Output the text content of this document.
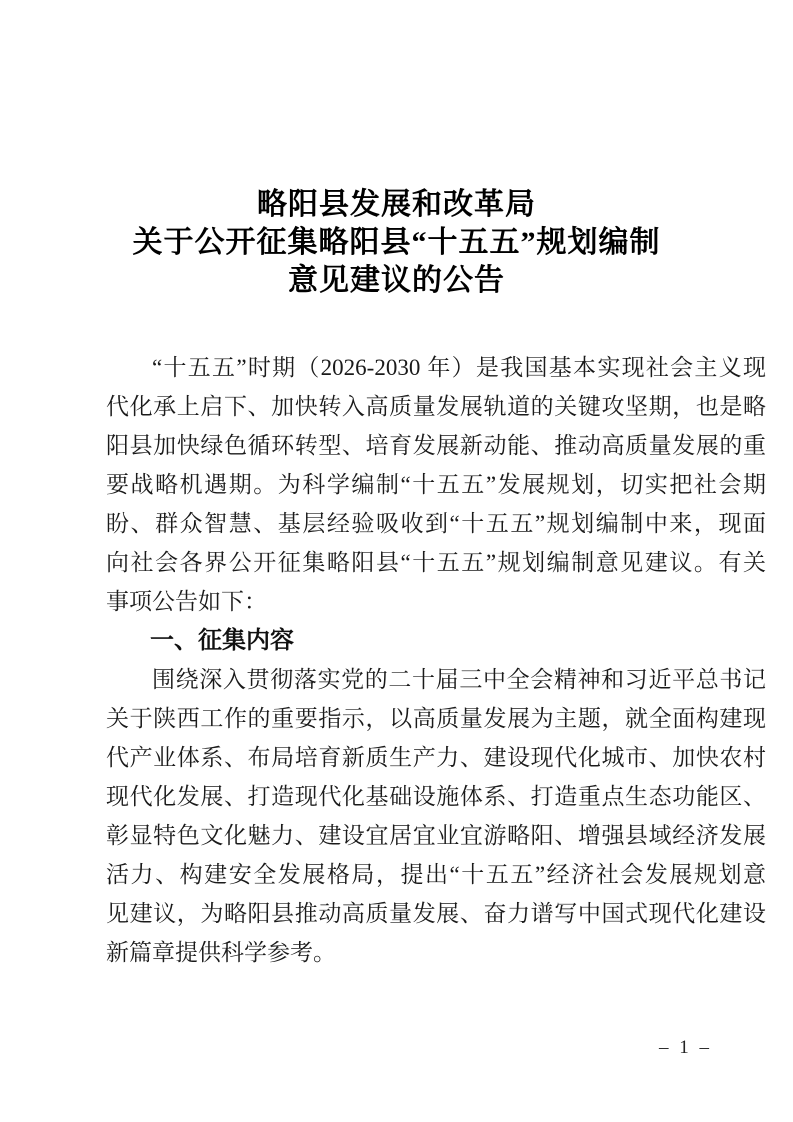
略阳县发展和改革局
关于公开征集略阳县“十五五”规划编制
意见建议的公告
“十五五”时期（2026-2030 年）是我国基本实现社会主义现
代化承上启下、加快转入高质量发展轨道的关键攻坚期，也是略
阳县加快绿色循环转型、培育发展新动能、推动高质量发展的重
要战略机遇期。为科学编制“十五五”发展规划，切实把社会期
盼、群众智慧、基层经验吸收到“十五五”规划编制中来，现面
向社会各界公开征集略阳县“十五五”规划编制意见建议。有关
事项公告如下：
一、征集内容
围绕深入贯彻落实党的二十届三中全会精神和习近平总书记
关于陕西工作的重要指示，以高质量发展为主题，就全面构建现
代产业体系、布局培育新质生产力、建设现代化城市、加快农村
现代化发展、打造现代化基础设施体系、打造重点生态功能区、
彰显特色文化魅力、建设宜居宜业宜游略阳、增强县域经济发展
活力、构建安全发展格局，提出“十五五”经济社会发展规划意
见建议，为略阳县推动高质量发展、奋力谱写中国式现代化建设
新篇章提供科学参考。
– 1 –
